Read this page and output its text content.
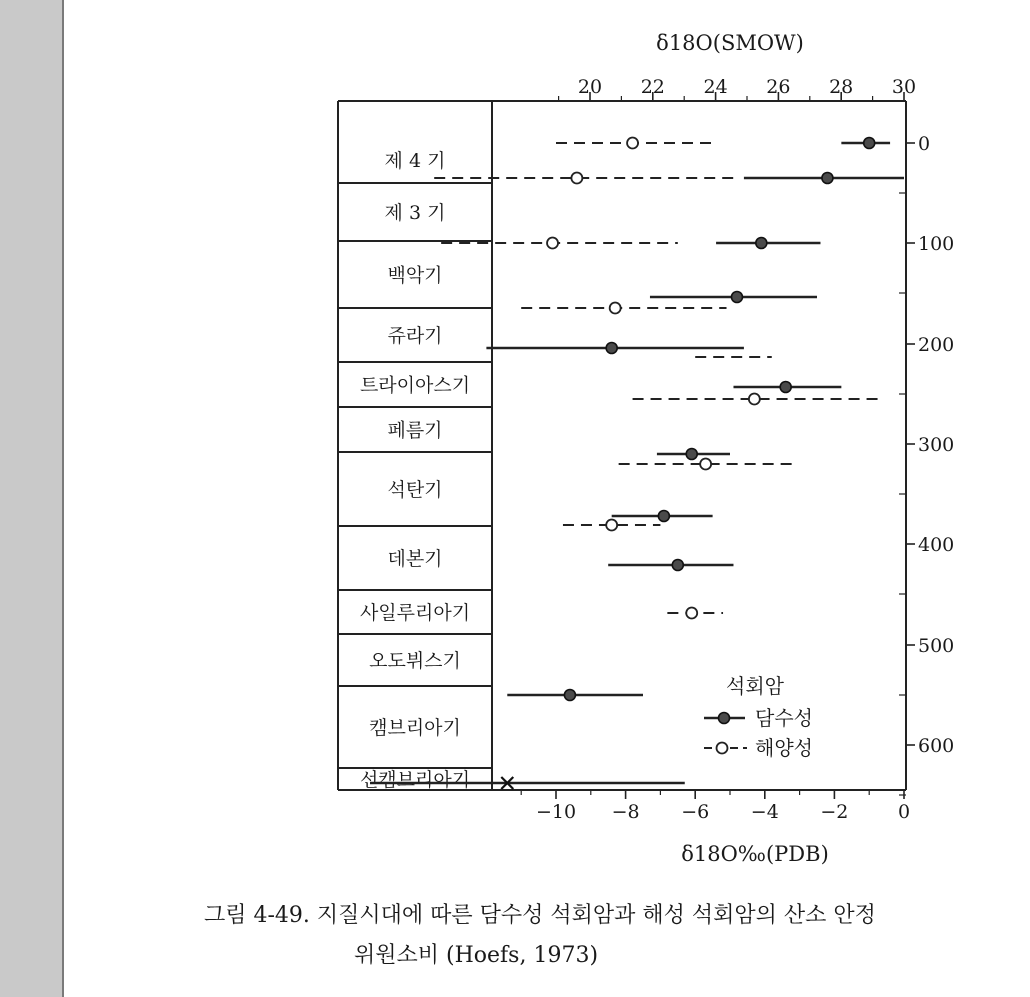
제 4 기
제 3 기
백악기
쥬라기
트라이아스기
페름기
석탄기
데본기
사일루리아기
오도뷔스기
캠브리아기
선캠브리아기
20 22 24 26 28 30
δ18O(SMOW)
−10 −8 −6 −4 −2	0
δ18O‰(PDB)
0
100
200
300
400
500
600
석회암
담수성
해양성
그림 4-49. 지질시대에 따른 담수성 석회암과 해성 석회암의 산소 안정
위원소비 (Hoefs, 1973)
